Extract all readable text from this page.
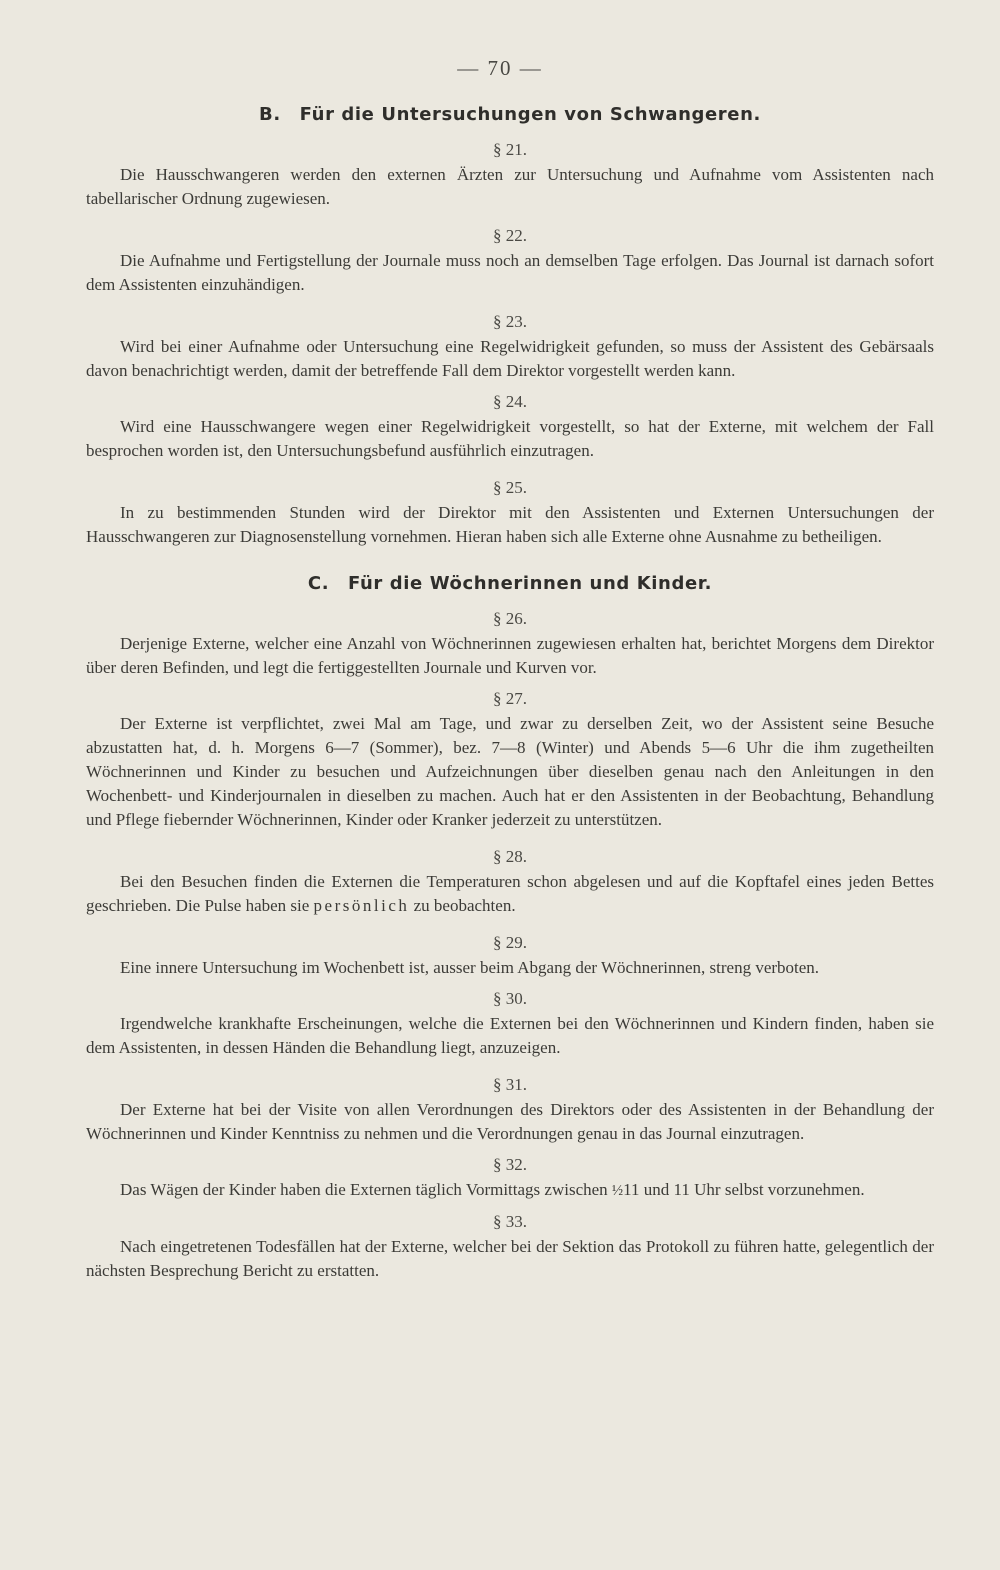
— 70 —
B. Für die Untersuchungen von Schwangeren.
§ 21.

Die Hausschwangeren werden den externen Ärzten zur Untersuchung und Aufnahme vom Assistenten nach tabellarischer Ordnung zugewiesen.

§ 22.

Die Aufnahme und Fertigstellung der Journale muss noch an demselben Tage erfolgen. Das Journal ist darnach sofort dem Assistenten einzuhändigen.

§ 23.

Wird bei einer Aufnahme oder Untersuchung eine Regelwidrigkeit gefunden, so muss der Assistent des Gebärsaals davon benachrichtigt werden, damit der betreffende Fall dem Direktor vorgestellt werden kann.

§ 24.

Wird eine Hausschwangere wegen einer Regelwidrigkeit vorgestellt, so hat der Externe, mit welchem der Fall besprochen worden ist, den Untersuchungsbefund ausführlich einzutragen.

§ 25.

In zu bestimmenden Stunden wird der Direktor mit den Assistenten und Externen Untersuchungen der Hausschwangeren zur Diagnosenstellung vornehmen. Hieran haben sich alle Externe ohne Ausnahme zu betheiligen.

C. Für die Wöchnerinnen und Kinder.
§ 26.

Derjenige Externe, welcher eine Anzahl von Wöchnerinnen zugewiesen erhalten hat, berichtet Morgens dem Direktor über deren Befinden, und legt die fertiggestellten Journale und Kurven vor.

§ 27.

Der Externe ist verpflichtet, zwei Mal am Tage, und zwar zu derselben Zeit, wo der Assistent seine Besuche abzustatten hat, d. h. Morgens 6—7 (Sommer), bez. 7—8 (Winter) und Abends 5—6 Uhr die ihm zugetheilten Wöchnerinnen und Kinder zu besuchen und Aufzeichnungen über dieselben genau nach den Anleitungen in den Wochenbett- und Kinderjournalen in dieselben zu machen. Auch hat er den Assistenten in der Beobachtung, Behandlung und Pflege fiebernder Wöchnerinnen, Kinder oder Kranker jederzeit zu unterstützen.

§ 28.

Bei den Besuchen finden die Externen die Temperaturen schon abgelesen und auf die Kopftafel eines jeden Bettes geschrieben. Die Pulse haben sie persönlich zu beobachten.

§ 29.

Eine innere Untersuchung im Wochenbett ist, ausser beim Abgang der Wöchnerinnen, streng verboten.

§ 30.

Irgendwelche krankhafte Erscheinungen, welche die Externen bei den Wöchnerinnen und Kindern finden, haben sie dem Assistenten, in dessen Händen die Behandlung liegt, anzuzeigen.

§ 31.

Der Externe hat bei der Visite von allen Verordnungen des Direktors oder des Assistenten in der Behandlung der Wöchnerinnen und Kinder Kenntniss zu nehmen und die Verordnungen genau in das Journal einzutragen.

§ 32.

Das Wägen der Kinder haben die Externen täglich Vormittags zwischen ½11 und 11 Uhr selbst vorzunehmen.

§ 33.

Nach eingetretenen Todesfällen hat der Externe, welcher bei der Sektion das Protokoll zu führen hatte, gelegentlich der nächsten Besprechung Bericht zu erstatten.
